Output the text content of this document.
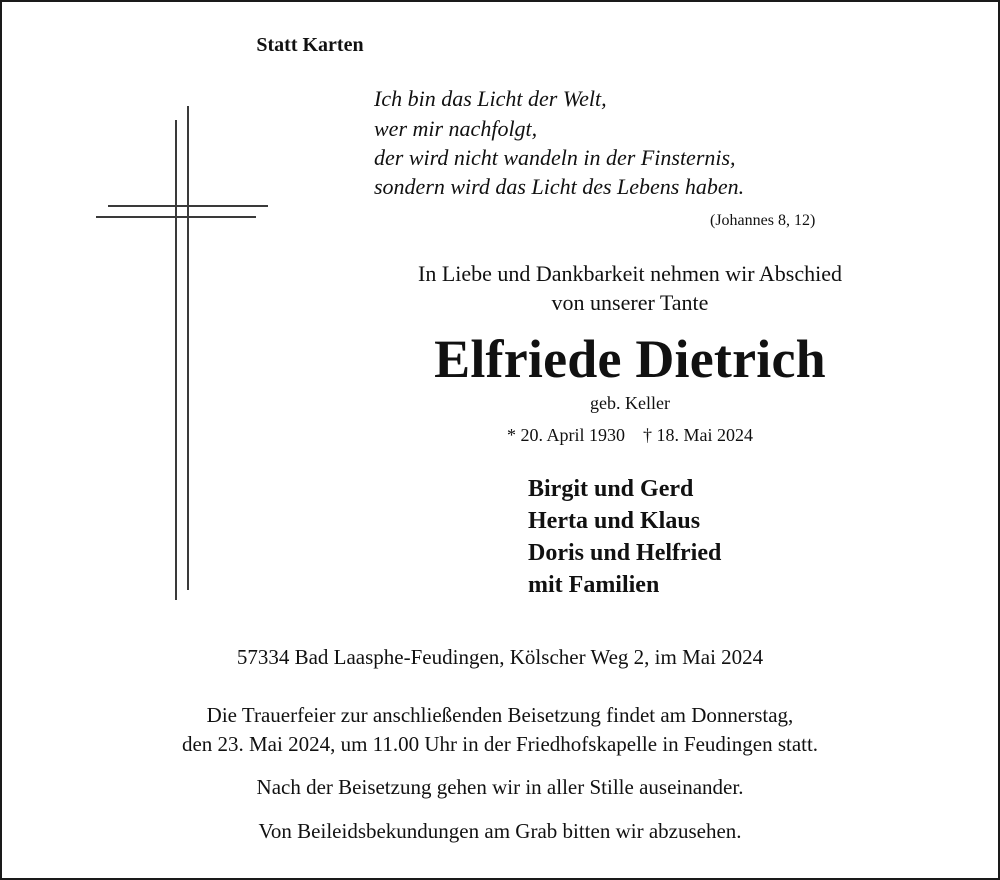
Statt Karten

Ich bin das Licht der Welt,

wer mir nachfolgt,

der wird nicht wandeln in der Finsternis,

sondern wird das Licht des Lebens haben.

(Johannes 8, 12)

In Liebe und Dankbarkeit nehmen wir Abschied

von unserer Tante

Elfriede Dietrich

geb. Keller

* 20. April 1930    † 18. Mai 2024

Birgit und Gerd

Herta und Klaus

Doris und Helfried

mit Familien

57334 Bad Laasphe-Feudingen, Kölscher Weg 2, im Mai 2024

Die Trauerfeier zur anschließenden Beisetzung findet am Donnerstag,

den 23. Mai 2024, um 11.00 Uhr in der Friedhofskapelle in Feudingen statt.

Nach der Beisetzung gehen wir in aller Stille auseinander.

Von Beileidsbekundungen am Grab bitten wir abzusehen.
